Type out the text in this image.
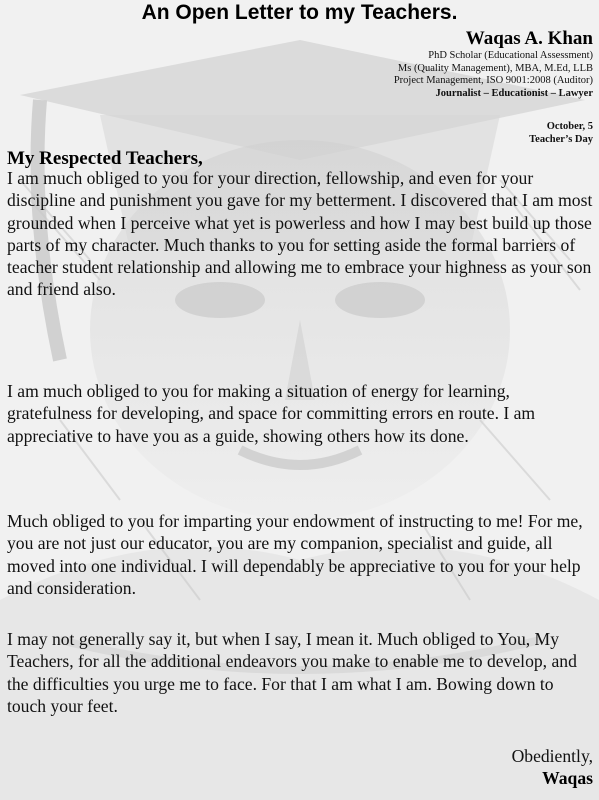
An Open Letter to my Teachers.
Waqas A. Khan
PhD Scholar (Educational Assessment)
Ms (Quality Management), MBA, M.Ed, LLB
Project Management, ISO 9001:2008 (Auditor)
Journalist – Educationist – Lawyer
October, 5
Teacher’s Day
My Respected Teachers,

I am much obliged to you for your direction, fellowship, and even for your discipline and punishment you gave for my betterment. I discovered that I am most grounded when I perceive what yet is powerless and how I may best build up those parts of my character. Much thanks to you for setting aside the formal barriers of teacher student relationship and allowing me to embrace your highness as your son and friend also.

I am much obliged to you for making a situation of energy for learning, gratefulness for developing, and space for committing errors en route. I am appreciative to have you as a guide, showing others how its done.

Much obliged to you for imparting your endowment of instructing to me! For me, you are not just our educator, you are my companion, specialist and guide, all moved into one individual. I will dependably be appreciative to you for your help and consideration.

I may not generally say it, but when I say, I mean it. Much obliged to You, My Teachers, for all the additional endeavors you make to enable me to develop, and the difficulties you urge me to face. For that I am what I am. Bowing down to touch your feet.

Obediently,
Waqas
